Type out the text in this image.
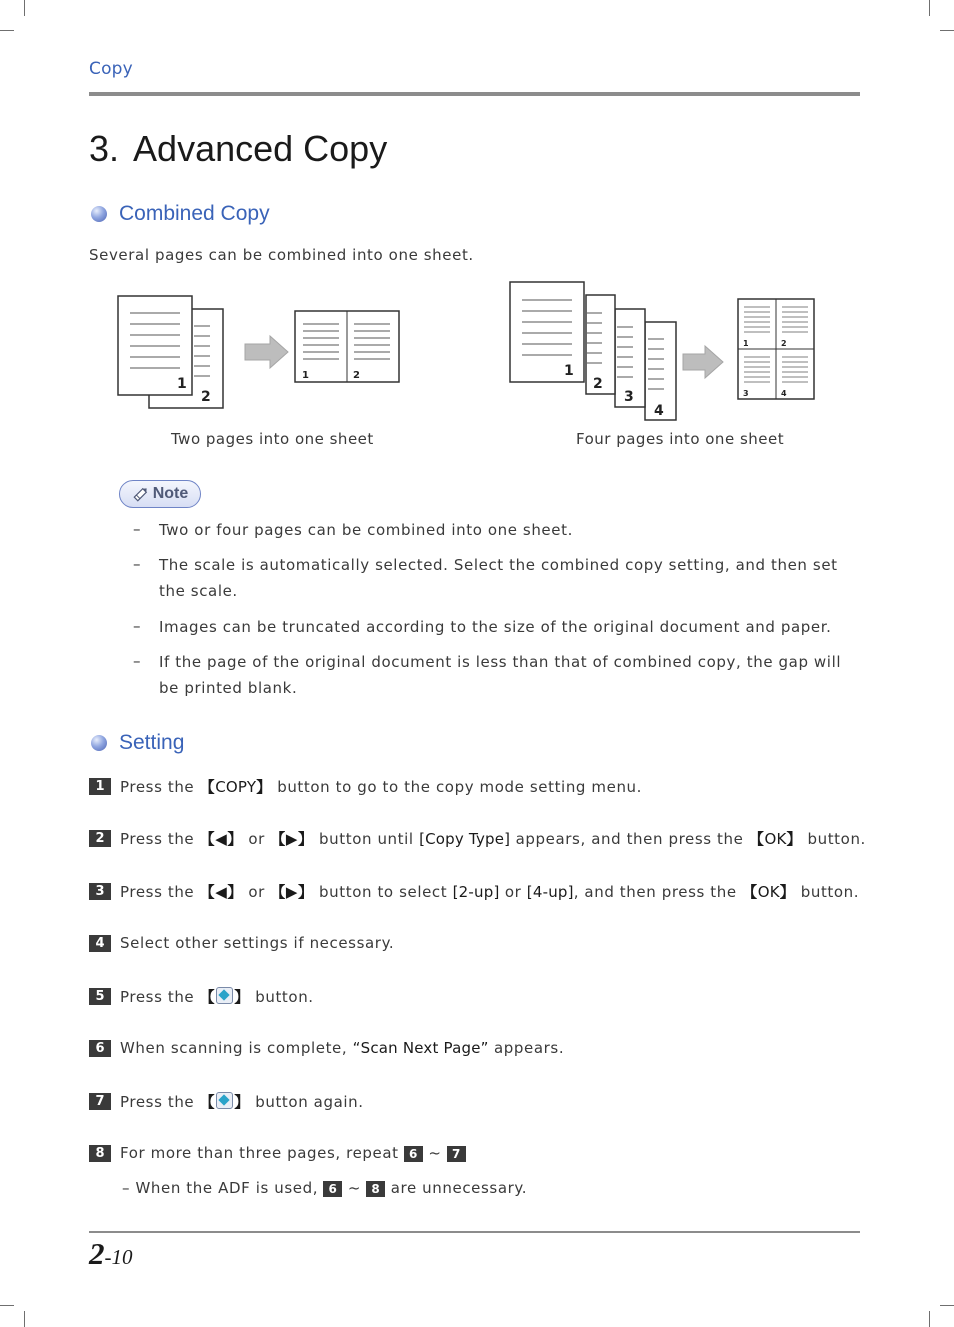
Copy
3. Advanced Copy
Combined Copy
Several pages can be combined into one sheet.
1
2
1	2
Two pages into one sheet
1
2
3
4
1	2
3	4
Four pages into one sheet
Note
– Two or four pages can be combined into one sheet.
– The scale is automatically selected. Select the combined copy setting, and then set the scale.
– Images can be truncated according to the size of the original document and paper.
– If the page of the original document is less than that of combined copy, the gap will be printed blank.
Setting
1	Press the 【COPY】 button to go to the copy mode setting menu.
2	Press the 【◀】 or 【▶】 button until [Copy Type] appears, and then press the 【OK】 button.
3	Press the 【◀】 or 【▶】 button to select [2-up] or [4-up], and then press the 【OK】 button.
4	Select other settings if necessary.
5	Press the 【 】 button.
6	When scanning is complete, “Scan Next Page” appears.
7	Press the 【 】 button again.
8	For more than three pages, repeat 6 ~ 7
– When the ADF is used, 6 ~ 8 are unnecessary.
2-10
